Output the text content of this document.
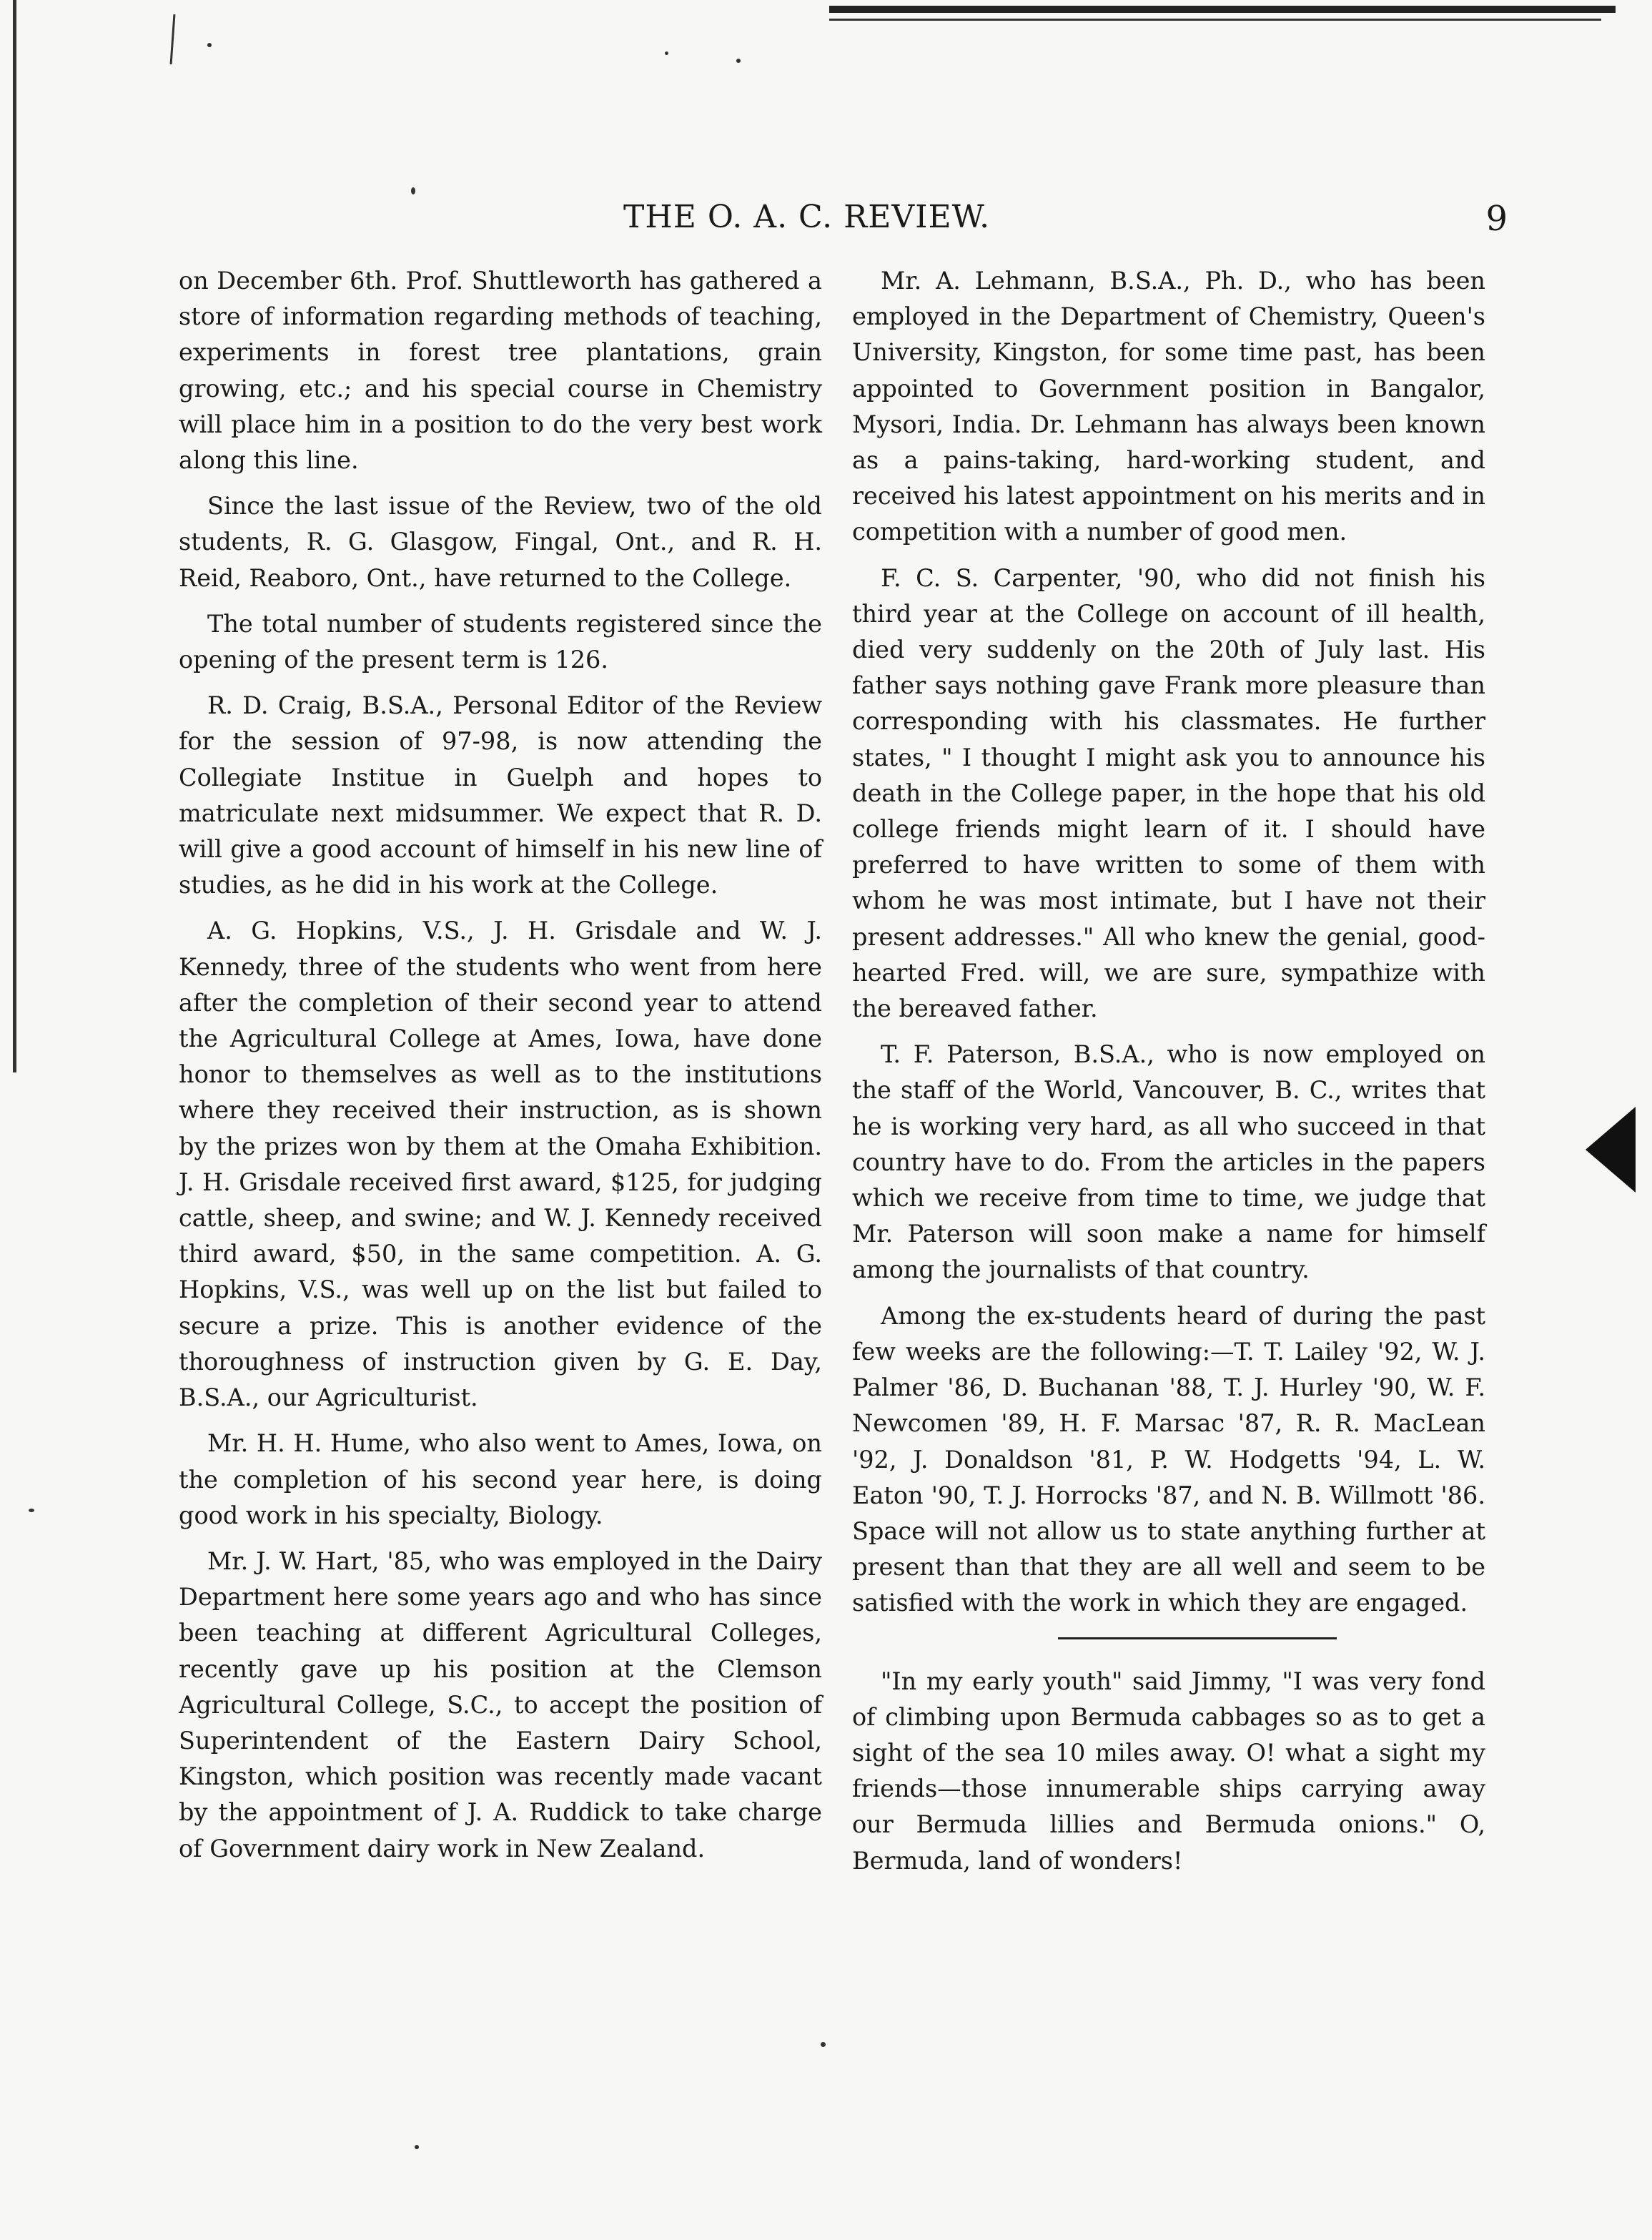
THE O. A. C. REVIEW.	9

on December 6th. Prof. Shuttleworth has gathered a store of information regarding methods of teaching, experiments in forest tree plantations, grain growing, etc.; and his special course in Chemistry will place him in a position to do the very best work along this line.

Since the last issue of the Review, two of the old students, R. G. Glasgow, Fingal, Ont., and R. H. Reid, Reaboro, Ont., have returned to the College.

The total number of students registered since the opening of the present term is 126.

R. D. Craig, B.S.A., Personal Editor of the Review for the session of 97-98, is now attending the Collegiate Institue in Guelph and hopes to matriculate next midsummer. We expect that R. D. will give a good account of himself in his new line of studies, as he did in his work at the College.

A. G. Hopkins, V.S., J. H. Grisdale and W. J. Kennedy, three of the students who went from here after the completion of their second year to attend the Agricultural College at Ames, Iowa, have done honor to themselves as well as to the institutions where they received their instruction, as is shown by the prizes won by them at the Omaha Exhibition. J. H. Grisdale received first award, $125, for judging cattle, sheep, and swine; and W. J. Kennedy received third award, $50, in the same competition. A. G. Hopkins, V.S., was well up on the list but failed to secure a prize. This is another evidence of the thoroughness of instruction given by G. E. Day, B.S.A., our Agriculturist.

Mr. H. H. Hume, who also went to Ames, Iowa, on the completion of his second year here, is doing good work in his specialty, Biology.

Mr. J. W. Hart, '85, who was employed in the Dairy Department here some years ago and who has since been teaching at different Agricultural Colleges, recently gave up his position at the Clemson Agricultural College, S.C., to accept the position of Superintendent of the Eastern Dairy School, Kingston, which position was recently made vacant by the appointment of J. A. Ruddick to take charge of Government dairy work in New Zealand.

Mr. A. Lehmann, B.S.A., Ph. D., who has been employed in the Department of Chemistry, Queen's University, Kingston, for some time past, has been appointed to Government position in Bangalor, Mysori, India. Dr. Lehmann has always been known as a pains-taking, hard-working student, and received his latest appointment on his merits and in competition with a number of good men.

F. C. S. Carpenter, '90, who did not finish his third year at the College on account of ill health, died very suddenly on the 20th of July last. His father says nothing gave Frank more pleasure than corresponding with his classmates. He further states, " I thought I might ask you to announce his death in the College paper, in the hope that his old college friends might learn of it. I should have preferred to have written to some of them with whom he was most intimate, but I have not their present addresses." All who knew the genial, good-hearted Fred. will, we are sure, sympathize with the bereaved father.

T. F. Paterson, B.S.A., who is now employed on the staff of the World, Vancouver, B. C., writes that he is working very hard, as all who succeed in that country have to do. From the articles in the papers which we receive from time to time, we judge that Mr. Paterson will soon make a name for himself among the journalists of that country.

Among the ex-students heard of during the past few weeks are the following:—T. T. Lailey '92, W. J. Palmer '86, D. Buchanan '88, T. J. Hurley '90, W. F. Newcomen '89, H. F. Marsac '87, R. R. MacLean '92, J. Donaldson '81, P. W. Hodgetts '94, L. W. Eaton '90, T. J. Horrocks '87, and N. B. Willmott '86. Space will not allow us to state anything further at present than that they are all well and seem to be satisfied with the work in which they are engaged.

"In my early youth" said Jimmy, "I was very fond of climbing upon Bermuda cabbages so as to get a sight of the sea 10 miles away. O! what a sight my friends—those innumerable ships carrying away our Bermuda lillies and Bermuda onions." O, Bermuda, land of wonders!
